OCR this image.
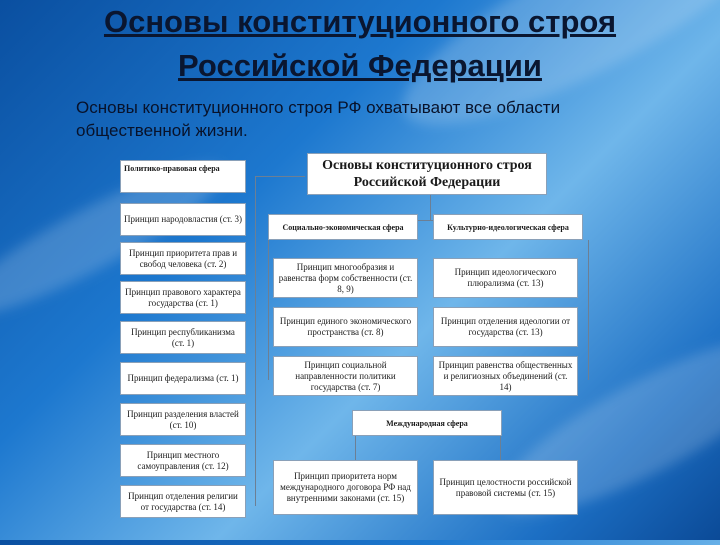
Основы конституционного строя
Российской Федерации
Основы конституционного строя РФ охватывают все области общественной жизни.
Основы конституционного строя Российской Федерации
Политико-правовая сфера
Принцип народовластия (ст. 3)
Принцип приоритета прав и свобод человека (ст. 2)
Принцип правового характера государства (ст. 1)
Принцип республиканизма (ст. 1)
Принцип федерализма (ст. 1)
Принцип разделения властей (ст. 10)
Принцип местного самоуправления (ст. 12)
Принцип отделения религии от государства (ст. 14)
Социально-экономическая сфера
Принцип многообразия и равенства форм собственности (ст. 8, 9)
Принцип единого экономического пространства (ст. 8)
Принцип социальной направленности политики государства (ст. 7)
Культурно-идеологическая сфера
Принцип идеологического плюрализма (ст. 13)
Принцип отделения идеологии от государства (ст. 13)
Принцип равенства общественных и религиозных объединений (ст. 14)
Международная сфера
Принцип приоритета норм международного договора РФ над внутренними законами (ст. 15)
Принцип целостности российской правовой системы (ст. 15)
